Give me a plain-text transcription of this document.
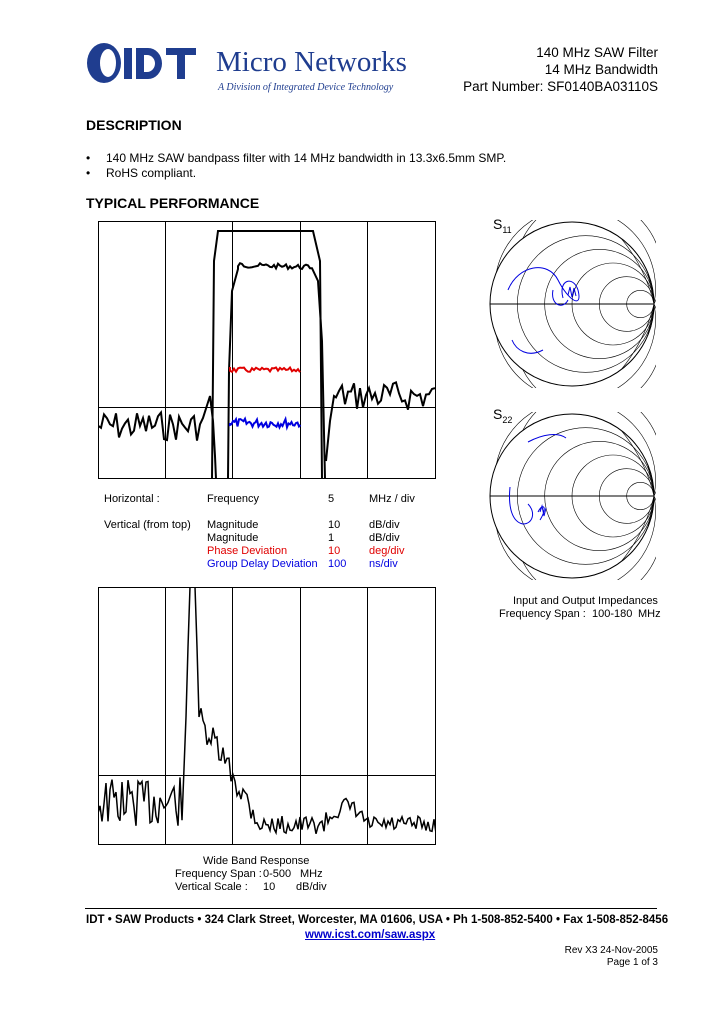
Micro Networks
A Division of Integrated Device Technology
140 MHz SAW Filter
14 MHz Bandwidth
Part Number: SF0140BA03110S
DESCRIPTION
• 140 MHz SAW bandpass filter with 14 MHz bandwidth in 13.3x6.5mm SMP.
• RoHS compliant.
TYPICAL PERFORMANCE
Horizontal :	Frequency	5	MHz / div
Vertical (from top) Magnitude	10	dB/div
Magnitude	1	dB/div
Phase Deviation	10	deg/div
Group Delay Deviation 100 ns/div
$S_{11}$
$S_{22}$
Input and Output Impedances
Frequency Span : 100-180 MHz
Wide Band Response
Frequency Span : 0-500 MHz
Vertical Scale : 10 dB/div
IDT • SAW Products • 324 Clark Street, Worcester, MA 01606, USA • Ph 1-508-852-5400 • Fax 1-508-852-8456
www.icst.com/saw.aspx
Rev X3 24-Nov-2005
Page 1 of 3
